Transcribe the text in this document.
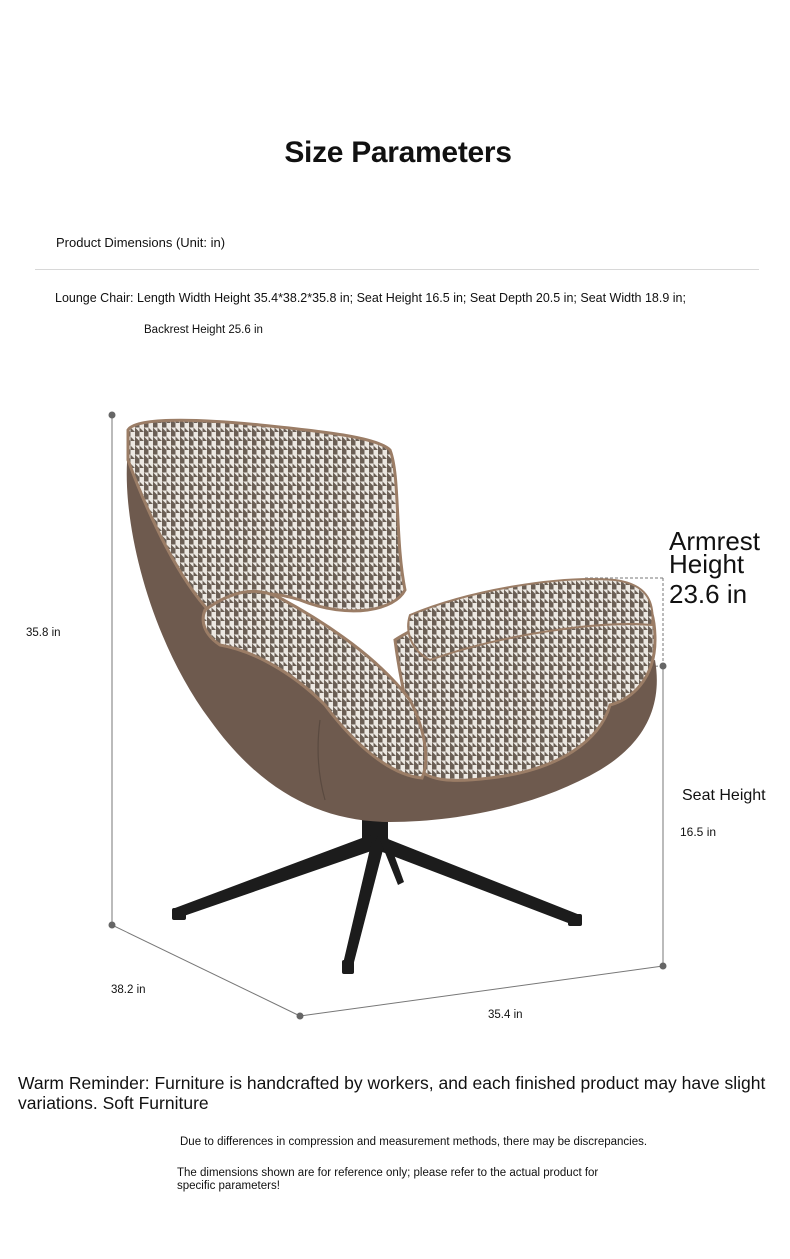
Size Parameters
Product Dimensions (Unit: in)
Lounge Chair: Length Width Height 35.4*38.2*35.8 in; Seat Height 16.5 in; Seat Depth 20.5 in; Seat Width 18.9 in;
Backrest Height 25.6 in
35.8 in
38.2 in
35.4 in
Armrest
Height
23.6 in
Seat Height
16.5 in
Warm Reminder: Furniture is handcrafted by workers, and each finished product may have slight variations. Soft Furniture
Due to differences in compression and measurement methods, there may be discrepancies.
The dimensions shown are for reference only; please refer to the actual product for specific parameters!
